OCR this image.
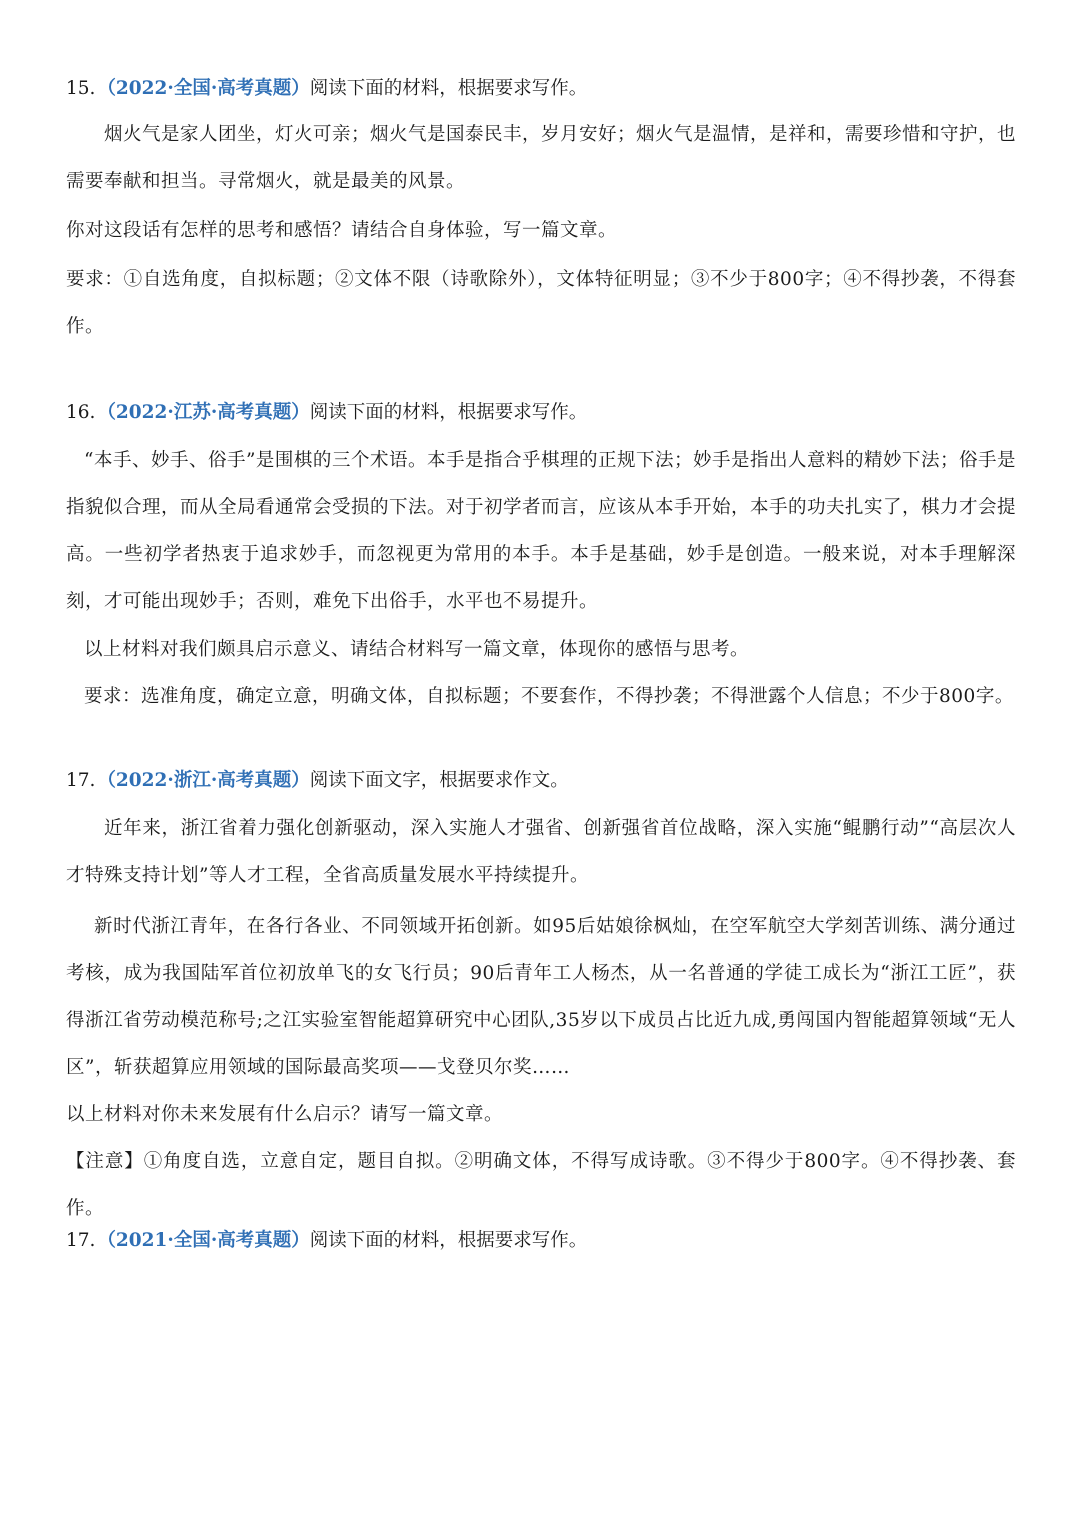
15. （2022·全国·高考真题）阅读下面的材料，根据要求写作。
烟火气是家人团坐，灯火可亲；烟火气是国泰民丰，岁月安好；烟火气是温情，是祥和，需要珍惜和守护，也需要奉献和担当。寻常烟火，就是最美的风景。
你对这段话有怎样的思考和感悟？请结合自身体验，写一篇文章。
要求：①自选角度，自拟标题；②文体不限（诗歌除外），文体特征明显；③不少于800字；④不得抄袭，不得套作。
16. （2022·江苏·高考真题）阅读下面的材料，根据要求写作。
“本手、妙手、俗手”是围棋的三个术语。本手是指合乎棋理的正规下法；妙手是指出人意料的精妙下法；俗手是指貌似合理，而从全局看通常会受损的下法。对于初学者而言，应该从本手开始，本手的功夫扎实了，棋力才会提高。一些初学者热衷于追求妙手，而忽视更为常用的本手。本手是基础，妙手是创造。一般来说，对本手理解深刻，才可能出现妙手；否则，难免下出俗手，水平也不易提升。
以上材料对我们颇具启示意义、请结合材料写一篇文章，体现你的感悟与思考。
要求：选准角度，确定立意，明确文体，自拟标题；不要套作，不得抄袭；不得泄露个人信息；不少于800字。
17. （2022·浙江·高考真题）阅读下面文字，根据要求作文。
近年来，浙江省着力强化创新驱动，深入实施人才强省、创新强省首位战略，深入实施“鲲鹏行动”“高层次人才特殊支持计划”等人才工程，全省高质量发展水平持续提升。
新时代浙江青年，在各行各业、不同领域开拓创新。如95后姑娘徐枫灿，在空军航空大学刻苦训练、满分通过考核，成为我国陆军首位初放单飞的女飞行员；90后青年工人杨杰，从一名普通的学徒工成长为“浙江工匠”，获得浙江省劳动模范称号;之江实验室智能超算研究中心团队,35岁以下成员占比近九成,勇闯国内智能超算领域“无人区”，斩获超算应用领域的国际最高奖项——戈登贝尔奖……
以上材料对你未来发展有什么启示？请写一篇文章。
【注意】①角度自选，立意自定，题目自拟。②明确文体，不得写成诗歌。③不得少于800字。④不得抄袭、套作。
17. （2021·全国·高考真题）阅读下面的材料，根据要求写作。
